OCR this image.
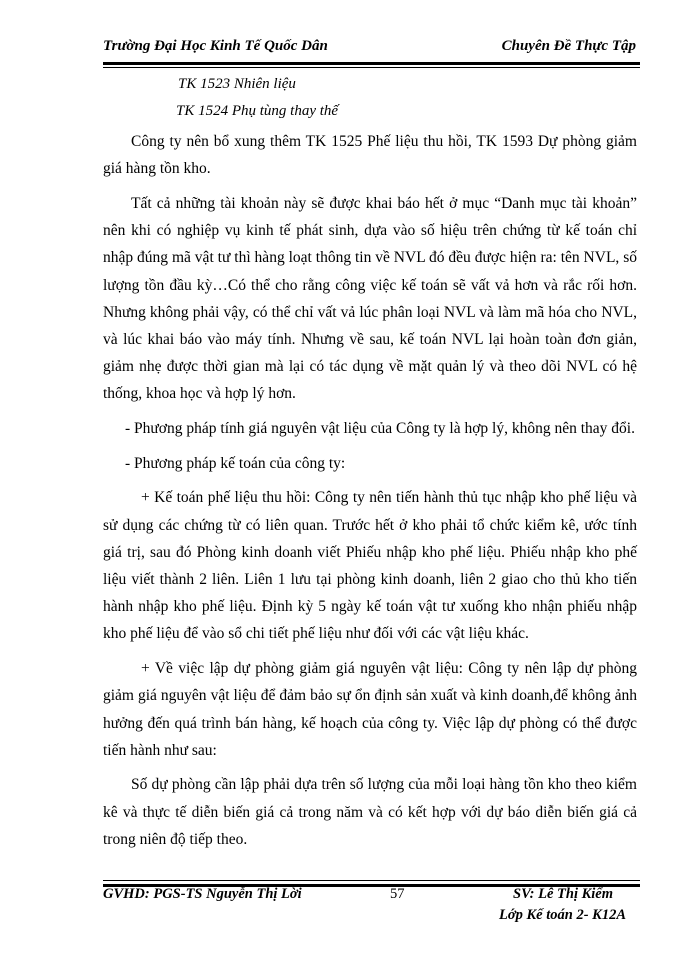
Trường Đại Học Kinh Tế Quốc Dân	Chuyên Đề Thực Tập
TK 1523 Nhiên liệu
TK 1524 Phụ tùng thay thế

Công ty nên bổ xung thêm TK 1525 Phế liệu thu hồi, TK 1593 Dự phòng giảm giá hàng tồn kho.

Tất cả những tài khoản này sẽ được khai báo hết ở mục “Danh mục tài khoản” nên khi có nghiệp vụ kinh tế phát sinh, dựa vào số hiệu trên chứng từ kế toán chỉ nhập đúng mã vật tư thì hàng loạt thông tin về NVL đó đều được hiện ra: tên NVL, số lượng tồn đầu kỳ…Có thể cho rằng công việc kế toán sẽ vất vả hơn và rắc rối hơn. Nhưng không phải vậy, có thể chỉ vất vả lúc phân loại NVL và làm mã hóa cho NVL, và lúc khai báo vào máy tính. Nhưng về sau, kế toán NVL lại hoàn toàn đơn giản, giảm nhẹ được thời gian mà lại có tác dụng về mặt quản lý và theo dõi NVL có hệ thống, khoa học và hợp lý hơn.

- Phương pháp tính giá nguyên vật liệu của Công ty là hợp lý, không nên thay đổi.

- Phương pháp kế toán của công ty:

+ Kế toán phế liệu thu hồi: Công ty nên tiến hành thủ tục nhập kho phế liệu và sử dụng các chứng từ có liên quan. Trước hết ở kho phải tổ chức kiểm kê, ước tính giá trị, sau đó Phòng kinh doanh viết Phiếu nhập kho phế liệu. Phiếu nhập kho phế liệu viết thành 2 liên. Liên 1 lưu tại phòng kinh doanh, liên 2 giao cho thủ kho tiến hành nhập kho phế liệu. Định kỳ 5 ngày kế toán vật tư xuống kho nhận phiếu nhập kho phế liệu để vào sổ chi tiết phế liệu như đối với các vật liệu khác.

+ Về việc lập dự phòng giảm giá nguyên vật liệu: Công ty nên lập dự phòng giảm giá nguyên vật liệu để đảm bảo sự ổn định sản xuất và kinh doanh,để không ảnh hưởng đến quá trình bán hàng, kế hoạch của công ty. Việc lập dự phòng có thể được tiến hành như sau:

Số dự phòng cần lập phải dựa trên số lượng của mỗi loại hàng tồn kho theo kiểm kê và thực tế diễn biến giá cả trong năm và có kết hợp với dự báo diễn biến giá cả trong niên độ tiếp theo.

GVHD: PGS-TS Nguyễn Thị Lời	57	SV: Lê Thị Kiểm
Lớp Kế toán 2- K12A
